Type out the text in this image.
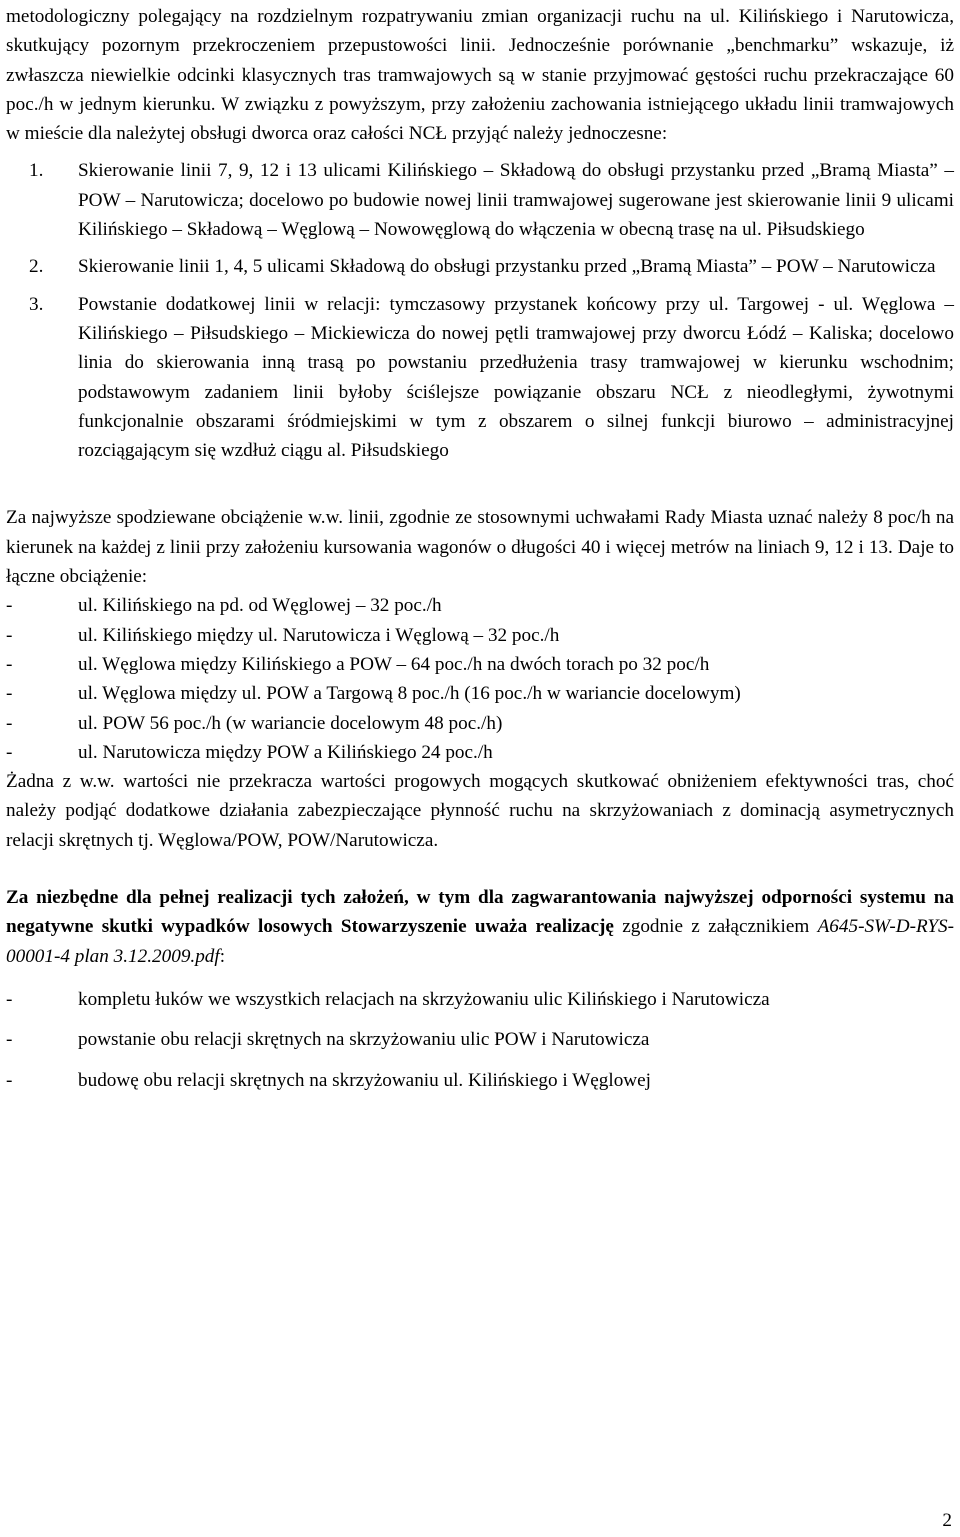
metodologiczny polegający na rozdzielnym rozpatrywaniu zmian organizacji ruchu na ul. Kilińskiego i Narutowicza, skutkujący pozornym przekroczeniem przepustowości linii. Jednocześnie porównanie „benchmarku” wskazuje, iż zwłaszcza niewielkie odcinki klasycznych tras tramwajowych są w stanie przyjmować gęstości ruchu przekraczające 60 poc./h w jednym kierunku. W związku z powyższym, przy założeniu zachowania istniejącego układu linii tramwajowych w mieście dla należytej obsługi dworca oraz całości NCŁ przyjąć należy jednoczesne:

1. Skierowanie linii 7, 9, 12 i 13 ulicami Kilińskiego – Składową do obsługi przystanku przed „Bramą Miasta” – POW – Narutowicza; docelowo po budowie nowej linii tramwajowej sugerowane jest skierowanie linii 9 ulicami Kilińskiego – Składową – Węglową – Nowowęglową do włączenia w obecną trasę na ul. Piłsudskiego
2. Skierowanie linii 1, 4, 5 ulicami Składową do obsługi przystanku przed „Bramą Miasta” – POW – Narutowicza
3. Powstanie dodatkowej linii w relacji: tymczasowy przystanek końcowy przy ul. Targowej - ul. Węglowa – Kilińskiego – Piłsudskiego – Mickiewicza do nowej pętli tramwajowej przy dworcu Łódź – Kaliska; docelowo linia do skierowania inną trasą po powstaniu przedłużenia trasy tramwajowej w kierunku wschodnim; podstawowym zadaniem linii byłoby ściślejsze powiązanie obszaru NCŁ z nieodległymi, żywotnymi funkcjonalnie obszarami śródmiejskimi w tym z obszarem o silnej funkcji biurowo – administracyjnej rozciągającym się wzdłuż ciągu al. Piłsudskiego

Za najwyższe spodziewane obciążenie w.w. linii, zgodnie ze stosownymi uchwałami Rady Miasta uznać należy 8 poc/h na kierunek na każdej z linii przy założeniu kursowania wagonów o długości 40 i więcej metrów na liniach 9, 12 i 13. Daje to łączne obciążenie:

-	ul. Kilińskiego na pd. od Węglowej – 32 poc./h
-	ul. Kilińskiego między ul. Narutowicza i Węglową – 32 poc./h
-	ul. Węglowa między Kilińskiego a POW – 64 poc./h na dwóch torach po 32 poc/h
-	ul. Węglowa między ul. POW a Targową 8 poc./h (16 poc./h w wariancie docelowym)
-	ul. POW 56 poc./h (w wariancie docelowym 48 poc./h)
-	ul. Narutowicza między POW a Kilińskiego 24 poc./h

Żadna z w.w. wartości nie przekracza wartości progowych mogących skutkować obniżeniem efektywności tras, choć należy podjąć dodatkowe działania zabezpieczające płynność ruchu na skrzyżowaniach z dominacją asymetrycznych relacji skrętnych tj. Węglowa/POW, POW/Narutowicza.

Za niezbędne dla pełnej realizacji tych założeń, w tym dla zagwarantowania najwyższej odporności systemu na negatywne skutki wypadków losowych Stowarzyszenie uważa realizację zgodnie z załącznikiem A645-SW-D-RYS-00001-4 plan 3.12.2009.pdf:

-	kompletu łuków we wszystkich relacjach na skrzyżowaniu ulic Kilińskiego i Narutowicza
-	powstanie obu relacji skrętnych na skrzyżowaniu ulic POW i Narutowicza
-	budowę obu relacji skrętnych na skrzyżowaniu ul. Kilińskiego i Węglowej
2
